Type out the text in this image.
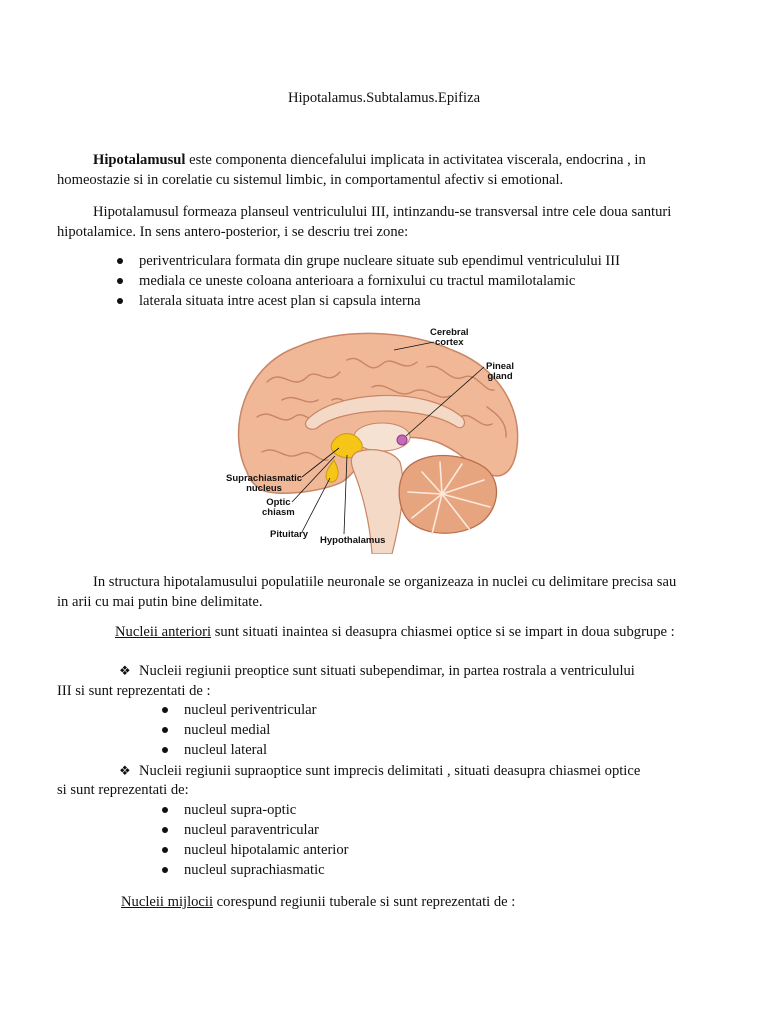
Hipotalamus.Subtalamus.Epifiza
Hipotalamusul este componenta diencefalului implicata in activitatea viscerala, endocrina , in homeostazie si in corelatie cu sistemul limbic, in comportamentul afectiv si emotional.
Hipotalamusul formeaza planseul ventriculului III, intinzandu-se transversal intre cele doua santuri hipotalamice. In sens antero-posterior, i se descriu trei zone:
periventriculara formata din grupe nucleare situate sub ependimul ventriculului III
mediala ce uneste coloana anterioara a fornixului cu tractul mamilotalamic
laterala situata intre acest plan si capsula interna
Cerebral
cortex
Pineal
gland
Suprachiasmatic
nucleus
Optic
chiasm
Pituitary
Hypothalamus
In structura hipotalamusului populatiile neuronale se organizeaza in nuclei cu delimitare precisa sau in arii cu mai putin bine delimitate.
Nucleii anteriori sunt situati inaintea si deasupra chiasmei optice si se impart in doua subgrupe :
❖ Nucleii regiunii preoptice sunt situati subependimar, in partea rostrala a ventriculului
III si sunt reprezentati de :
nucleul periventricular
nucleul medial
nucleul lateral
❖ Nucleii regiunii supraoptice sunt imprecis delimitati , situati deasupra chiasmei optice
si sunt reprezentati de:
nucleul supra-optic
nucleul paraventricular
nucleul hipotalamic anterior
nucleul suprachiasmatic
Nucleii mijlocii corespund regiunii tuberale si sunt reprezentati de :
